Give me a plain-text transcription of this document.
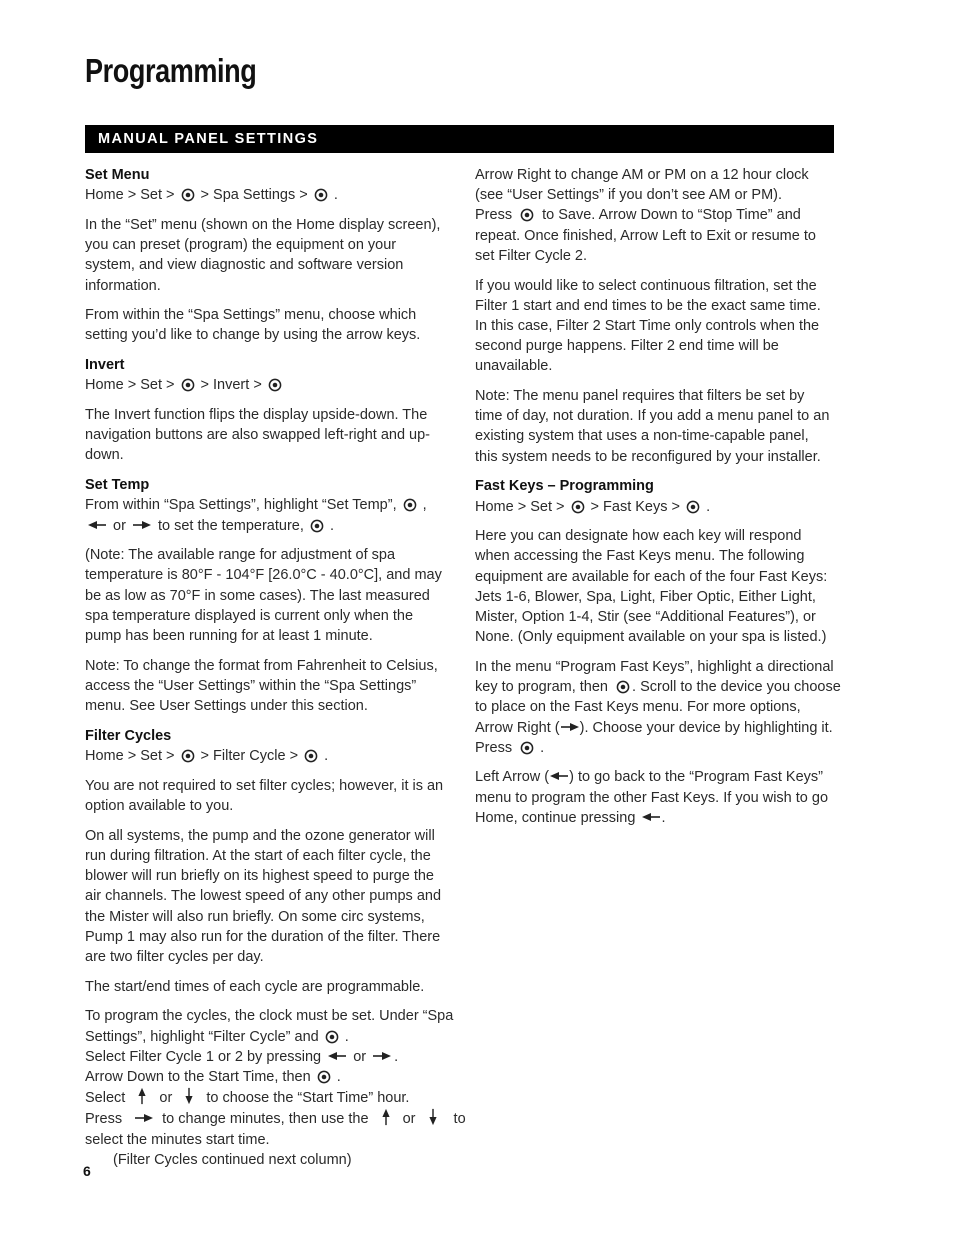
Programming
MANUAL PANEL SETTINGS
Set Menu
Home > Set > > Spa Settings > .

In the “Set” menu (shown on the Home display screen), you can preset (program) the equipment on your system, and view diagnostic and software version information.

From within the “Spa Settings” menu, choose which setting you’d like to change by using the arrow keys.

Invert
Home > Set > > Invert >

The Invert function flips the display upside-down. The navigation buttons are also swapped left-right and up-down.

Set Temp
From within “Spa Settings”, highlight “Set Temp”, ,
or to set the temperature, .

(Note: The available range for adjustment of spa temperature is 80°F - 104°F [26.0°C - 40.0°C], and may be as low as 70°F in some cases). The last measured spa temperature displayed is current only when the pump has been running for at least 1 minute.

Note: To change the format from Fahrenheit to Celsius, access the “User Settings” within the “Spa Settings” menu. See User Settings under this section.

Filter Cycles
Home > Set > > Filter Cycle > .

You are not required to set filter cycles; however, it is an option available to you.

On all systems, the pump and the ozone generator will run during filtration. At the start of each filter cycle, the blower will run briefly on its highest speed to purge the air channels. The lowest speed of any other pumps and the Mister will also run briefly. On some circ systems, Pump 1 may also run for the duration of the filter. There are two filter cycles per day.

The start/end times of each cycle are programmable.

To program the cycles, the clock must be set. Under “Spa
Settings”, highlight “Filter Cycle” and .
Select Filter Cycle 1 or 2 by pressing or .
Arrow Down to the Start Time, then .
Select or to choose the “Start Time” hour.
Press	to change minutes, then use the or	to
select the minutes start time.
(Filter Cycles continued next column)
Arrow Right to change AM or PM on a 12 hour clock
(see “User Settings” if you don’t see AM or PM).
Press to Save. Arrow Down to “Stop Time” and
repeat. Once finished, Arrow Left to Exit or resume to
set Filter Cycle 2.

If you would like to select continuous filtration, set the Filter 1 start and end times to be the exact same time. In this case, Filter 2 Start Time only controls when the second purge happens. Filter 2 end time will be unavailable.

Note: The menu panel requires that filters be set by time of day, not duration. If you add a menu panel to an existing system that uses a non-time-capable panel, this system needs to be reconfigured by your installer.

Fast Keys – Programming
Home > Set > > Fast Keys > .

Here you can designate how each key will respond when accessing the Fast Keys menu. The following equipment are available for each of the four Fast Keys: Jets 1-6, Blower, Spa, Light, Fiber Optic, Either Light, Mister, Option 1-4, Stir (see “Additional Features”), or None. (Only equipment available on your spa is listed.)

In the menu “Program Fast Keys”, highlight a directional
key to program, then . Scroll to the device you choose
to place on the Fast Keys menu. For more options,
Arrow Right ( ). Choose your device by highlighting it.
Press .
Left Arrow ( ) to go back to the “Program Fast Keys”
menu to program the other Fast Keys. If you wish to go
Home, continue pressing .
6
